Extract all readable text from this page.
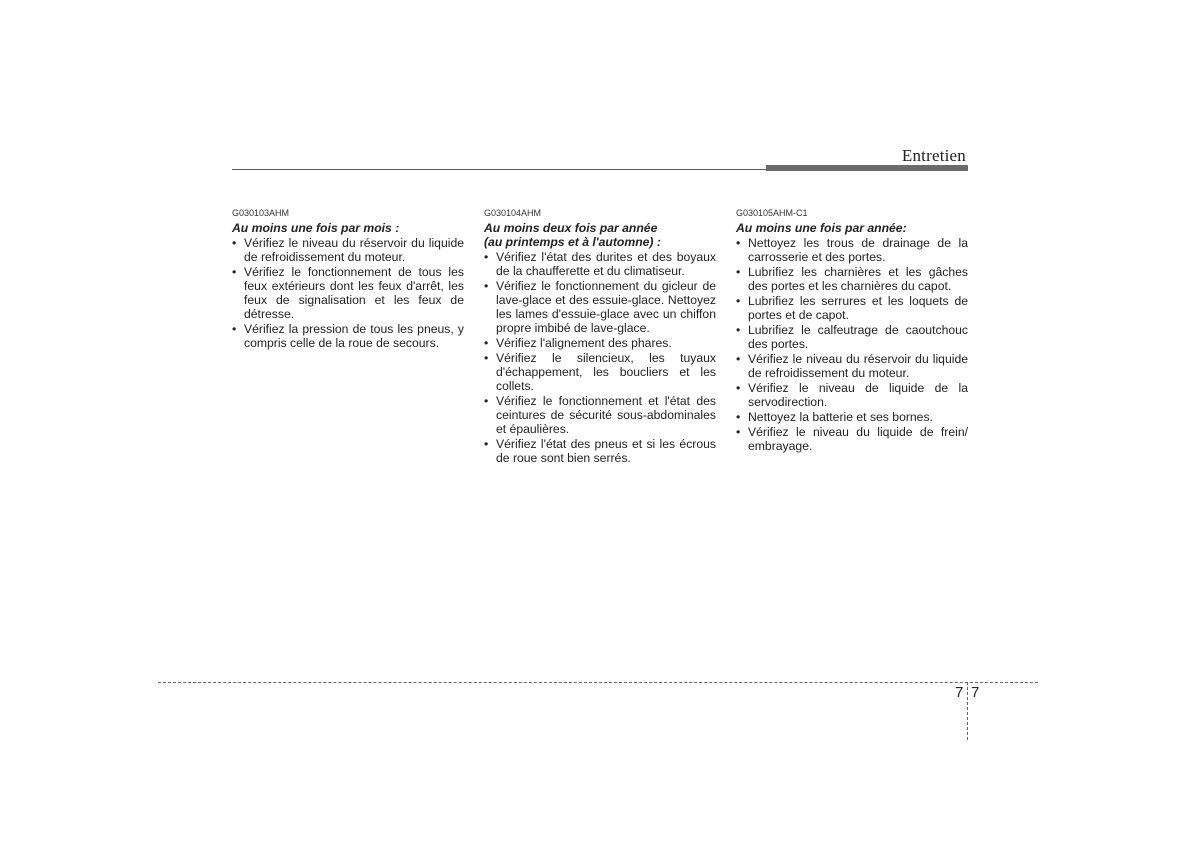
Entretien
G030103AHM
Au moins une fois par mois :
• Vérifiez le niveau du réservoir du liquide de refroidissement du moteur.
• Vérifiez le fonctionnement de tous les feux extérieurs dont les feux d'arrêt, les feux de signalisation et les feux de détresse.
• Vérifiez la pression de tous les pneus, y compris celle de la roue de secours.
G030104AHM
Au moins deux fois par année
(au printemps et à l'automne) :
• Vérifiez l'état des durites et des boyaux de la chaufferette et du climatiseur.
• Vérifiez le fonctionnement du gicleur de lave-glace et des essuie-glace. Nettoyez les lames d'essuie-glace avec un chiffon propre imbibé de lave-glace.
• Vérifiez l'alignement des phares.
• Vérifiez le silencieux, les tuyaux d'échappement, les boucliers et les collets.
• Vérifiez le fonctionnement et l'état des ceintures de sécurité sous-abdominales et épaulières.
• Vérifiez l'état des pneus et si les écrous de roue sont bien serrés.
G030105AHM-C1
Au moins une fois par année:
• Nettoyez les trous de drainage de la carrosserie et des portes.
• Lubrifiez les charnières et les gâches des portes et les charnières du capot.
• Lubrifiez les serrures et les loquets de portes et de capot.
• Lubrifiez le calfeutrage de caoutchouc des portes.
• Vérifiez le niveau du réservoir du liquide de refroidissement du moteur.
• Vérifiez le niveau de liquide de la servodirection.
• Nettoyez la batterie et ses bornes.
• Vérifiez le niveau du liquide de frein/ embrayage.
7 7
